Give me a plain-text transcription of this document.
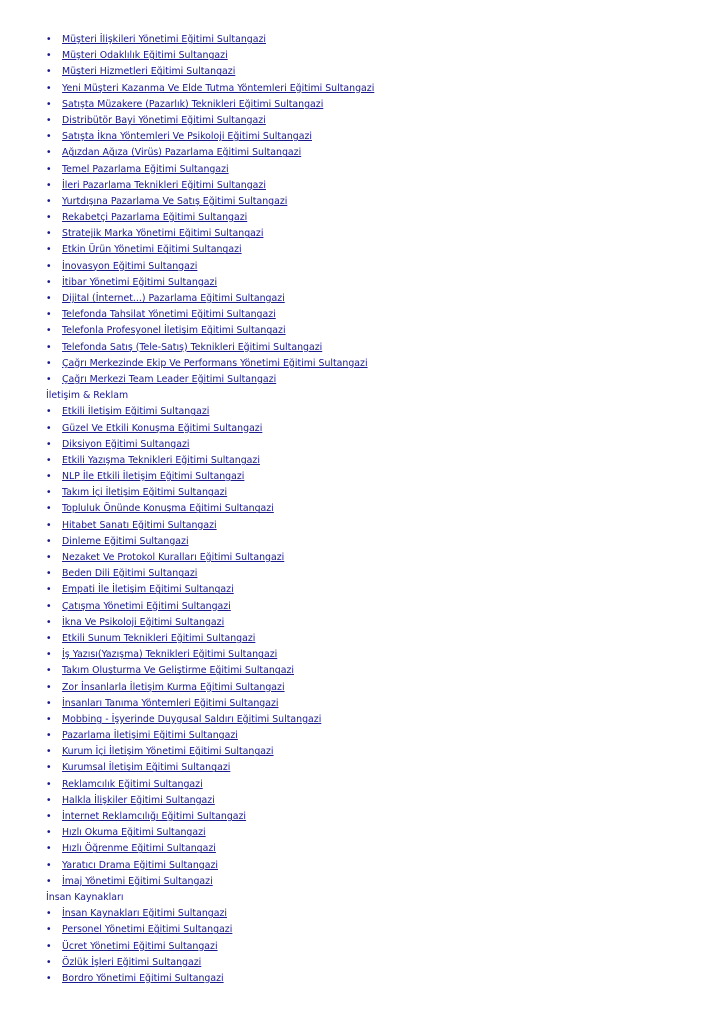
• Müşteri İlişkileri Yönetimi Eğitimi Sultangazi
• Müşteri Odaklılık Eğitimi Sultangazi
• Müşteri Hizmetleri Eğitimi Sultangazi
• Yeni Müşteri Kazanma Ve Elde Tutma Yöntemleri Eğitimi Sultangazi
• Satışta Müzakere (Pazarlık) Teknikleri Eğitimi Sultangazi
• Distribütör Bayi Yönetimi Eğitimi Sultangazi
• Satışta İkna Yöntemleri Ve Psikoloji Eğitimi Sultangazi
• Ağızdan Ağıza (Virüs) Pazarlama Eğitimi Sultangazi
• Temel Pazarlama Eğitimi Sultangazi
• İleri Pazarlama Teknikleri Eğitimi Sultangazi
• Yurtdışına Pazarlama Ve Satış Eğitimi Sultangazi
• Rekabetçi Pazarlama Eğitimi Sultangazi
• Stratejik Marka Yönetimi Eğitimi Sultangazi
• Etkin Ürün Yönetimi Eğitimi Sultangazi
• İnovasyon Eğitimi Sultangazi
• İtibar Yönetimi Eğitimi Sultangazi
• Dijital (İnternet...) Pazarlama Eğitimi Sultangazi
• Telefonda Tahsilat Yönetimi Eğitimi Sultangazi
• Telefonla Profesyonel İletişim Eğitimi Sultangazi
• Telefonda Satış (Tele-Satış) Teknikleri Eğitimi Sultangazi
• Çağrı Merkezinde Ekip Ve Performans Yönetimi Eğitimi Sultangazi
• Çağrı Merkezi Team Leader Eğitimi Sultangazi
İletişim & Reklam
• Etkili İletişim Eğitimi Sultangazi
• Güzel Ve Etkili Konuşma Eğitimi Sultangazi
• Diksiyon Eğitimi Sultangazi
• Etkili Yazışma Teknikleri Eğitimi Sultangazi
• NLP İle Etkili İletişim Eğitimi Sultangazi
• Takım İçi İletişim Eğitimi Sultangazi
• Topluluk Önünde Konuşma Eğitimi Sultangazi
• Hitabet Sanatı Eğitimi Sultangazi
• Dinleme Eğitimi Sultangazi
• Nezaket Ve Protokol Kuralları Eğitimi Sultangazi
• Beden Dili Eğitimi Sultangazi
• Empati İle İletişim Eğitimi Sultangazi
• Çatışma Yönetimi Eğitimi Sultangazi
• İkna Ve Psikoloji Eğitimi Sultangazi
• Etkili Sunum Teknikleri Eğitimi Sultangazi
• İş Yazısı(Yazışma) Teknikleri Eğitimi Sultangazi
• Takım Oluşturma Ve Geliştirme Eğitimi Sultangazi
• Zor İnsanlarla İletişim Kurma Eğitimi Sultangazi
• İnsanları Tanıma Yöntemleri Eğitimi Sultangazi
• Mobbing - İşyerinde Duygusal Saldırı Eğitimi Sultangazi
• Pazarlama İletişimi Eğitimi Sultangazi
• Kurum İçi İletişim Yönetimi Eğitimi Sultangazi
• Kurumsal İletişim Eğitimi Sultangazi
• Reklamcılık Eğitimi Sultangazi
• Halkla İlişkiler Eğitimi Sultangazi
• İnternet Reklamcılığı Eğitimi Sultangazi
• Hızlı Okuma Eğitimi Sultangazi
• Hızlı Öğrenme Eğitimi Sultangazi
• Yaratıcı Drama Eğitimi Sultangazi
• İmaj Yönetimi Eğitimi Sultangazi
İnsan Kaynakları
• İnsan Kaynakları Eğitimi Sultangazi
• Personel Yönetimi Eğitimi Sultangazi
• Ücret Yönetimi Eğitimi Sultangazi
• Özlük İşleri Eğitimi Sultangazi
• Bordro Yönetimi Eğitimi Sultangazi
